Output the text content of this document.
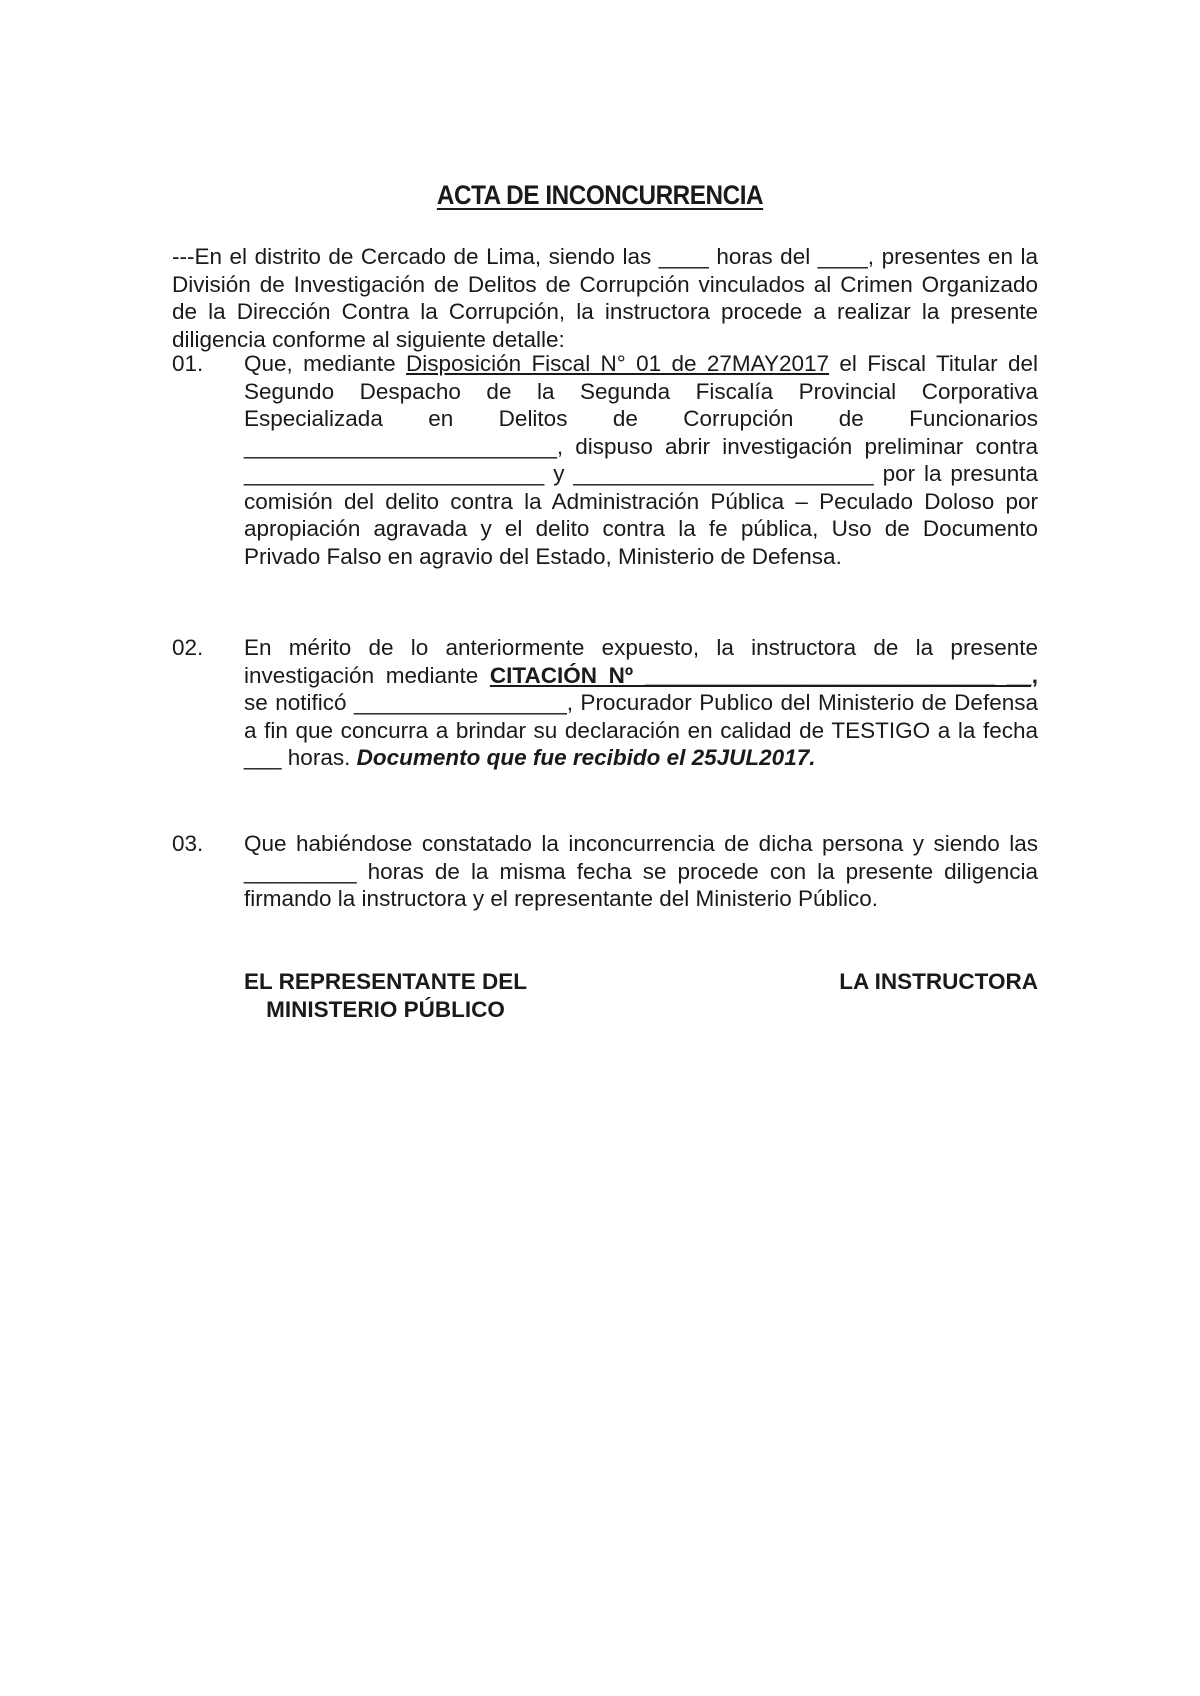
ACTA DE INCONCURRENCIA

---En el distrito de Cercado de Lima, siendo las ____ horas del ____, presentes en la División de Investigación de Delitos de Corrupción vinculados al Crimen Organizado de la Dirección Contra la Corrupción, la instructora procede a realizar la presente diligencia conforme al siguiente detalle:

01.	Que, mediante Disposición Fiscal N° 01 de 27MAY2017 el Fiscal Titular del Segundo Despacho de la Segunda Fiscalía Provincial Corporativa Especializada en Delitos de Corrupción de Funcionarios _________________________, dispuso abrir investigación preliminar contra ________________________ y ________________________ por la presunta comisión del delito contra la Administración Pública – Peculado Doloso por apropiación agravada y el delito contra la fe pública, Uso de Documento Privado Falso en agravio del Estado, Ministerio de Defensa.

02.	En mérito de lo anteriormente expuesto, la instructora de la presente investigación mediante CITACIÓN Nº ____________________________ __, se notificó _________________, Procurador Publico del Ministerio de Defensa a fin que concurra a brindar su declaración en calidad de TESTIGO a la fecha ___ horas. Documento que fue recibido el 25JUL2017.

03.	Que habiéndose constatado la inconcurrencia de dicha persona y siendo las _________ horas de la misma fecha se procede con la presente diligencia firmando la instructora y el representante del Ministerio Público.

EL REPRESENTANTE DEL
MINISTERIO PÚBLICO
LA INSTRUCTORA
